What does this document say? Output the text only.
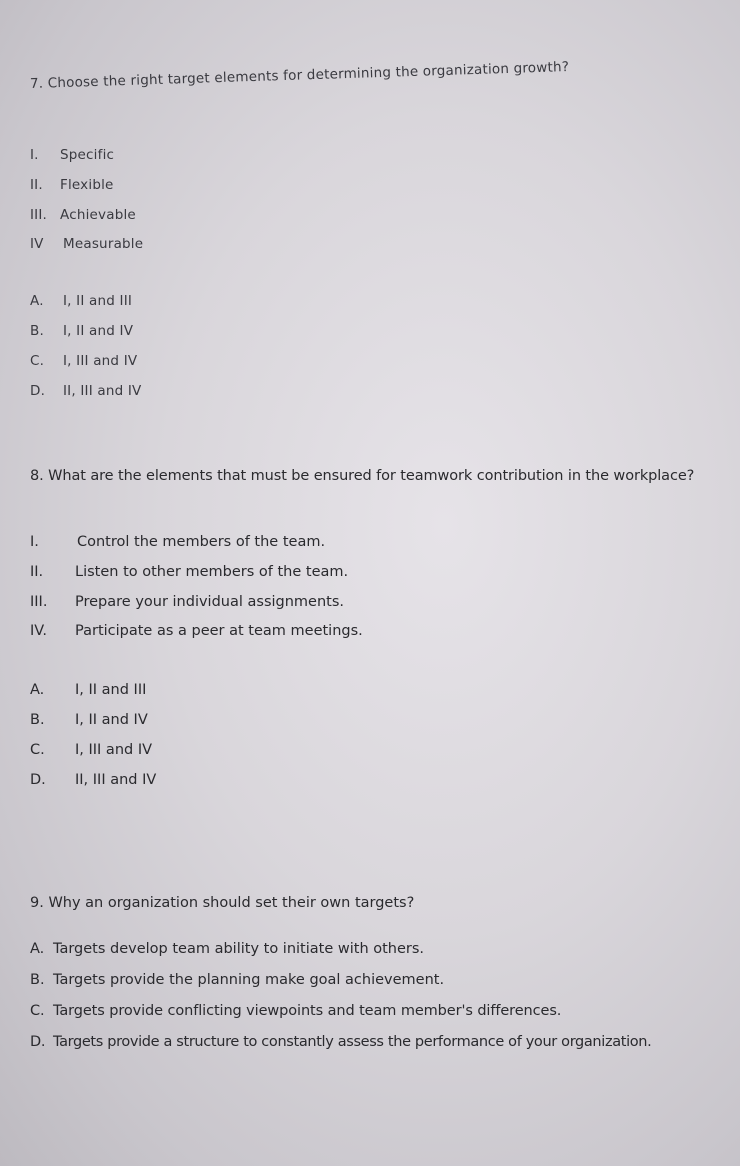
7. Choose the right target elements for determining the organization growth?
I. Specific
II. Flexible
III. Achievable
IV Measurable
A. I, II and III
B. I, II and IV
C. I, III and IV
D. II, III and IV
8. What are the elements that must be ensured for teamwork contribution in the workplace?
I.	Control the members of the team.
II. Listen to other members of the team.
III. Prepare your individual assignments.
IV. Participate as a peer at team meetings.
A. I, II and III
B. I, II and IV
C. I, III and IV
D. II, III and IV
9. Why an organization should set their own targets?
A. Targets develop team ability to initiate with others.
B. Targets provide the planning make goal achievement.
C. Targets provide conflicting viewpoints and team member's differences.
D. Targets provide a structure to constantly assess the performance of your organization.
